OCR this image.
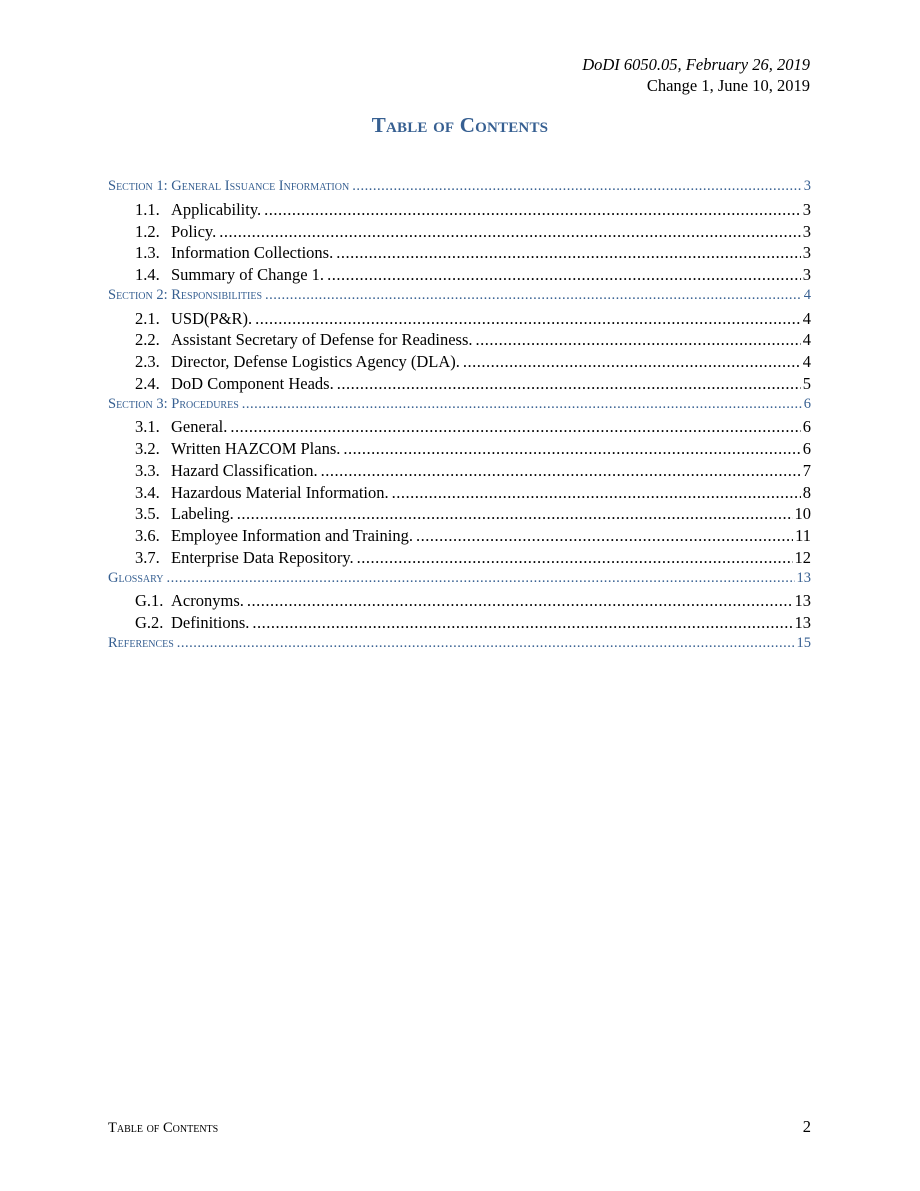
DoDI 6050.05, February 26, 2019
Change 1, June 10, 2019
Table of Contents
Section 1: General Issuance Information .....	3
1.1. Applicability. .....	3
1.2. Policy. .....	3
1.3. Information Collections. .....	3
1.4. Summary of Change 1. .....	3
Section 2: Responsibilities .....	4
2.1. USD(P&R). .....	4
2.2. Assistant Secretary of Defense for Readiness. .....	4
2.3. Director, Defense Logistics Agency (DLA). .....	4
2.4. DoD Component Heads. .....	5
Section 3: Procedures .....	6
3.1. General. .....	6
3.2. Written HAZCOM Plans. .....	6
3.3. Hazard Classification. .....	7
3.4. Hazardous Material Information. .....	8
3.5. Labeling. .....	10
3.6. Employee Information and Training. .....	11
3.7. Enterprise Data Repository. .....	12
Glossary .....	13
G.1. Acronyms. .....	13
G.2. Definitions. .....	13
References .....	15
Table of Contents	2
